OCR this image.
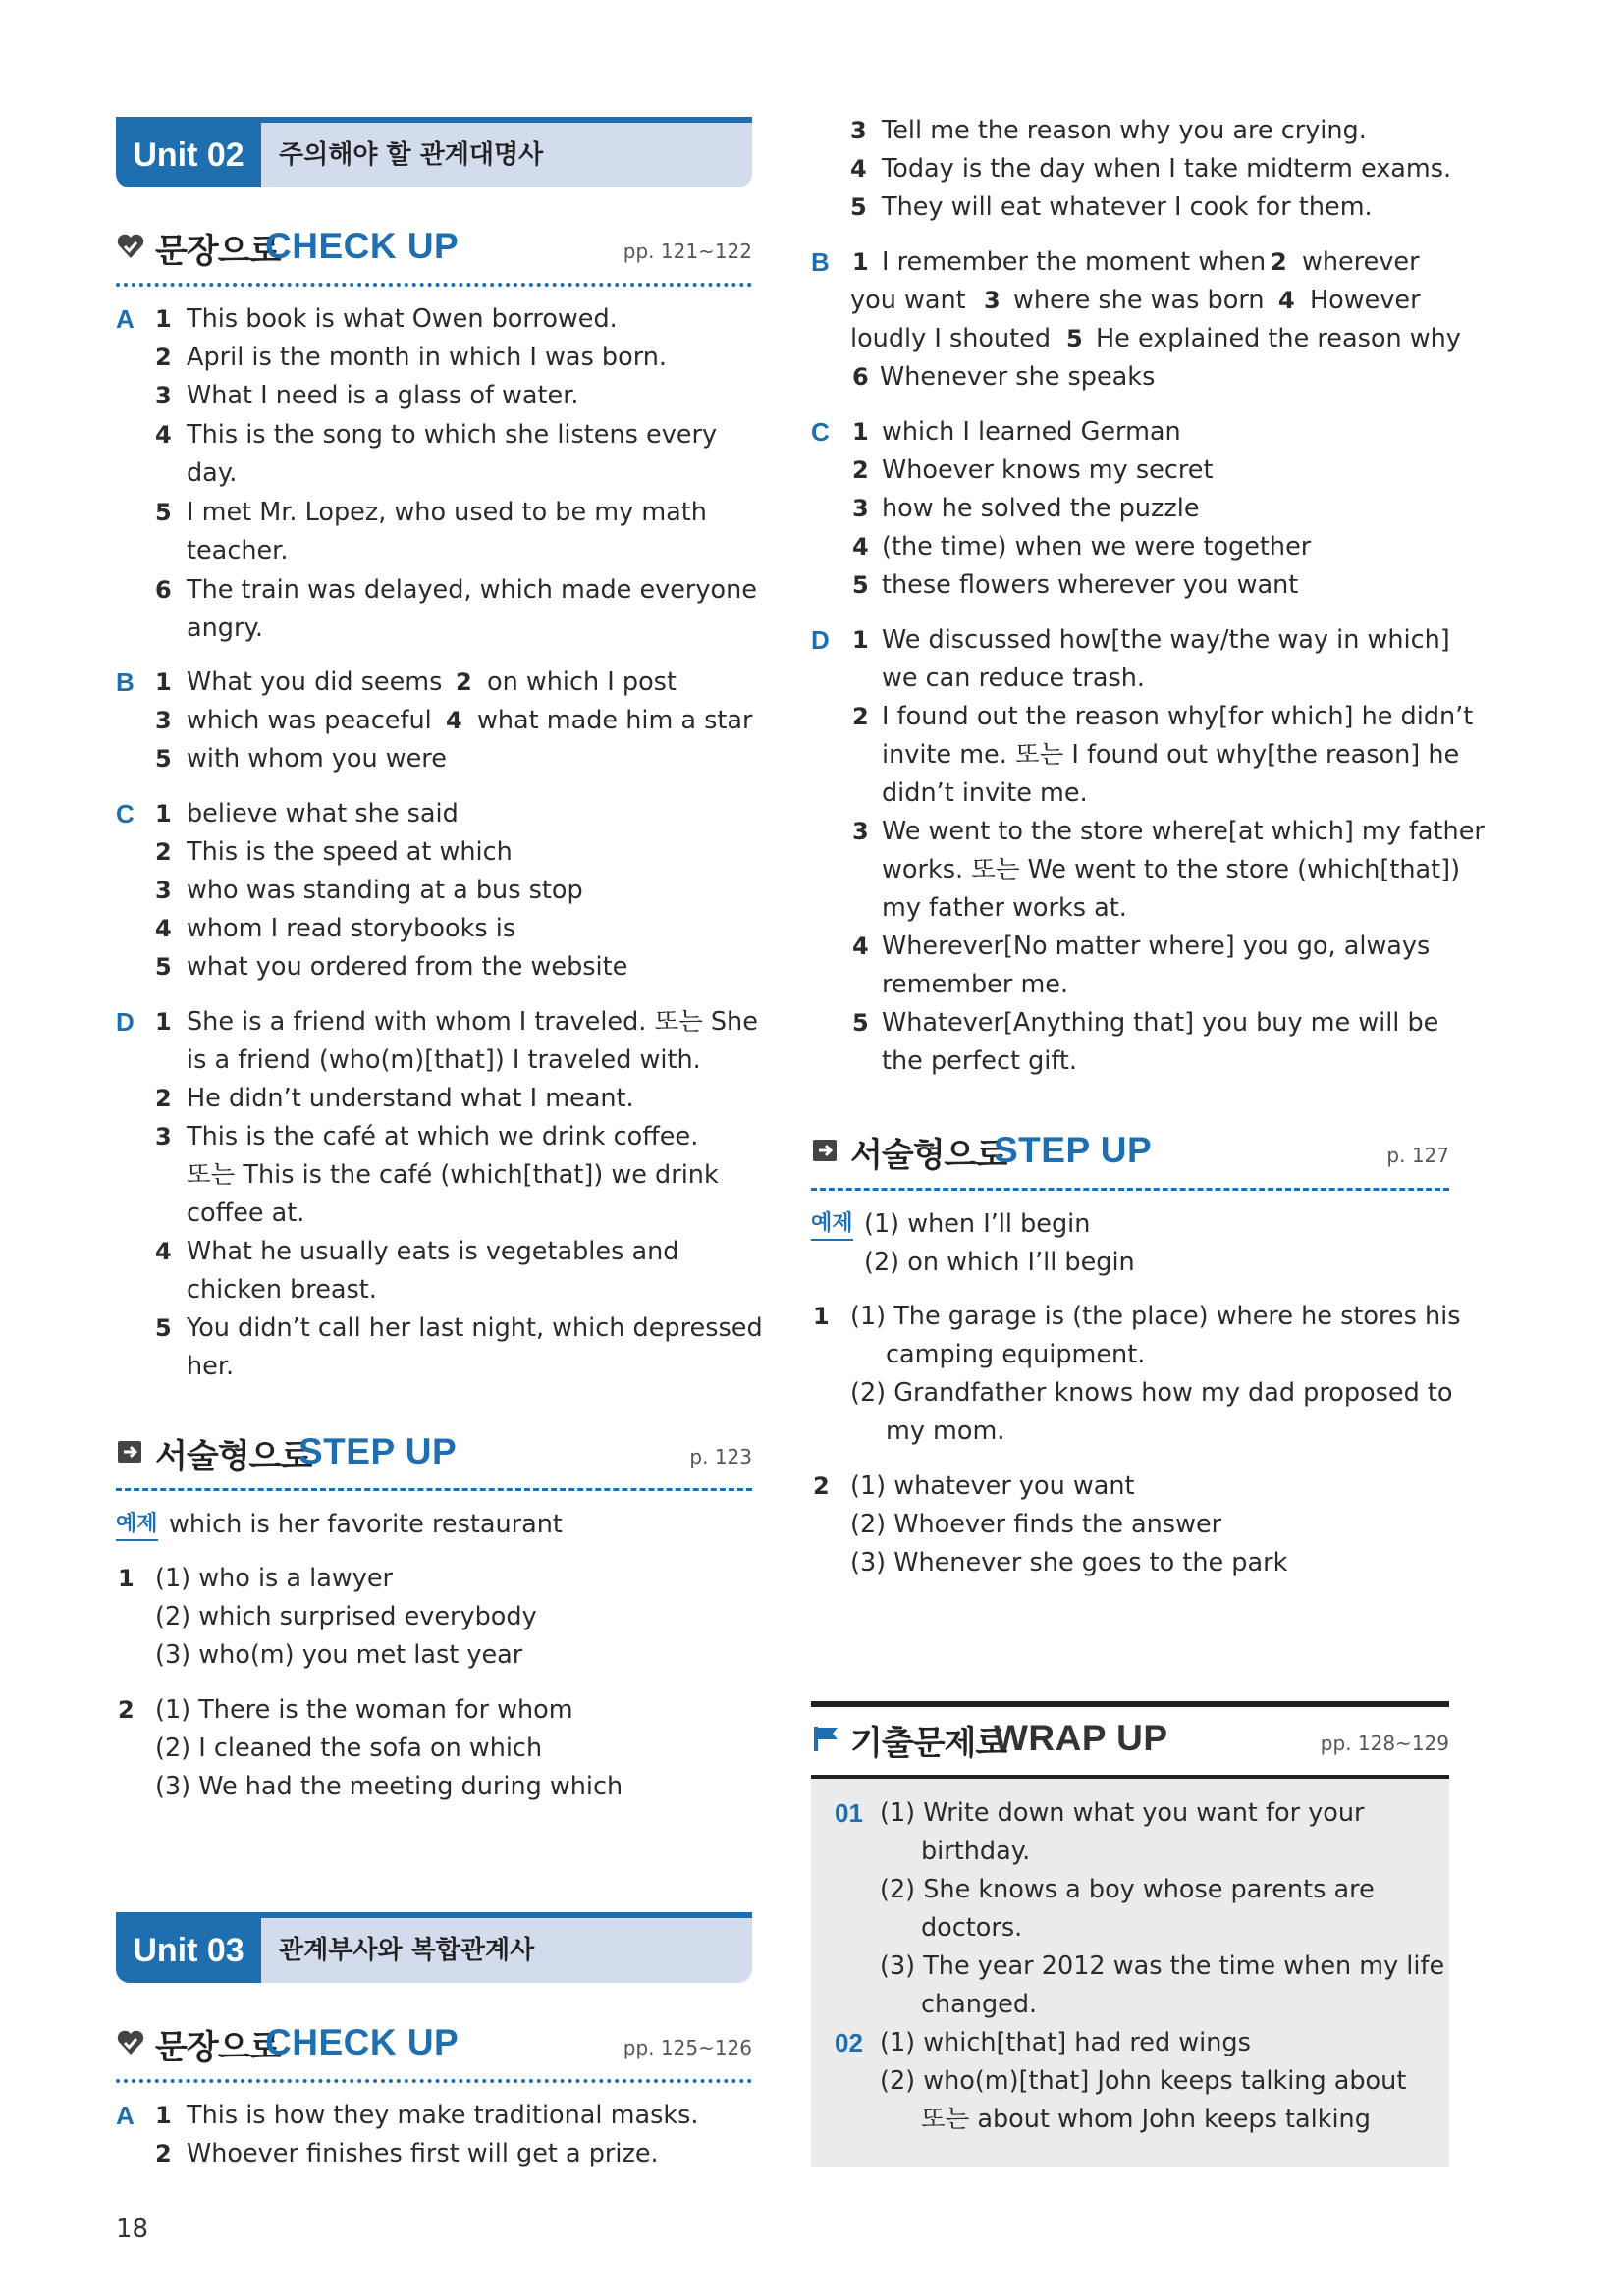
Unit 02	주의해야 할 관계대명사
문장으로
CHECK UP	pp. 121~122
A 1 This book is what Owen borrowed.
2 April is the month in which I was born.
3 What I need is a glass of water.
4 This is the song to which she listens every
day.
5 I met Mr. Lopez, who used to be my math
teacher.
6 The train was delayed, which made everyone
angry.
B 1 What you did seems 2 on which I post
3 which was peaceful 4 what made him a star
5 with whom you were
C 1 believe what she said
2 This is the speed at which
3 who was standing at a bus stop
4 whom I read storybooks is
5 what you ordered from the website
D 1 She is a friend with whom I traveled. 또는 She
is a friend (who(m)[that]) I traveled with.
2 He didn’t understand what I meant.
3 This is the café at which we drink coffee.
또는 This is the café (which[that]) we drink
coffee at.
4 What he usually eats is vegetables and
chicken breast.
5 You didn’t call her last night, which depressed
her.
서술형으로
STEP UP	p. 123
예제 which is her favorite restaurant
1 (1) who is a lawyer
(2) which surprised everybody
(3) who(m) you met last year
2 (1) There is the woman for whom
(2) I cleaned the sofa on which
(3) We had the meeting during which
Unit 03	관계부사와 복합관계사
문장으로
CHECK UP	pp. 125~126
A 1 This is how they make traditional masks.
2 Whoever finishes first will get a prize.
3 Tell me the reason why you are crying.
4 Today is the day when I take midterm exams.
5 They will eat whatever I cook for them.
B 1 I remember the moment when 2 wherever
you want 3 where she was born 4 However
loudly I shouted 5 He explained the reason why
6 Whenever she speaks
C 1 which I learned German
2 Whoever knows my secret
3 how he solved the puzzle
4 (the time) when we were together
5 these flowers wherever you want
D 1 We discussed how[the way/the way in which]
we can reduce trash.
2 I found out the reason why[for which] he didn’t
invite me. 또는 I found out why[the reason] he
didn’t invite me.
3 We went to the store where[at which] my father
works. 또는 We went to the store (which[that])
my father works at.
4 Wherever[No matter where] you go, always
remember me.
5 Whatever[Anything that] you buy me will be
the perfect gift.
서술형으로
STEP UP	p. 127
예제 (1) when I’ll begin
(2) on which I’ll begin
1 (1) The garage is (the place) where he stores his
camping equipment.
(2) Grandfather knows how my dad proposed to
my mom.
2 (1) whatever you want
(2) Whoever finds the answer
(3) Whenever she goes to the park
기출문제로
WRAP UP	pp. 128~129
01 (1) Write down what you want for your
birthday.
(2) She knows a boy whose parents are
doctors.
(3) The year 2012 was the time when my life
changed.
02 (1) which[that] had red wings
(2) who(m)[that] John keeps talking about
또는 about whom John keeps talking
18
